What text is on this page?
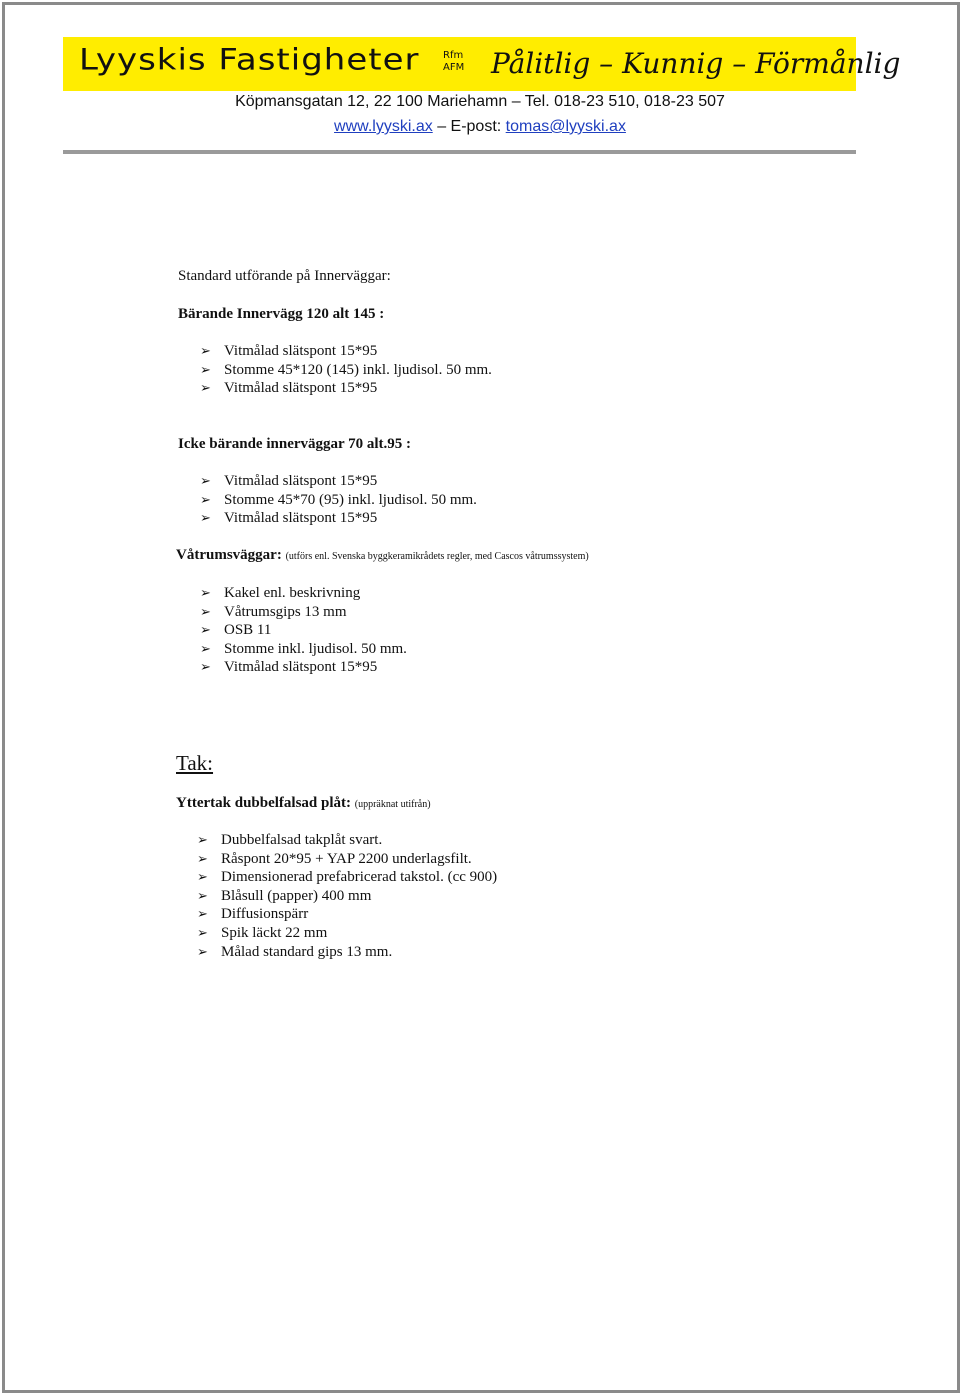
Lyyskis Fastigheter Rfm
AFM Pålitlig – Kunnig – Förmånlig
Köpmansgatan 12, 22 100 Mariehamn – Tel. 018-23 510, 018-23 507
www.lyyski.ax – E-post: tomas@lyyski.ax
Standard utförande på Innerväggar:
Bärande Innervägg 120 alt 145 :
➢ Vitmålad slätspont 15*95
➢ Stomme 45*120 (145) inkl. ljudisol. 50 mm.
➢ Vitmålad slätspont 15*95
Icke bärande innerväggar 70 alt.95 :
➢ Vitmålad slätspont 15*95
➢ Stomme 45*70 (95) inkl. ljudisol. 50 mm.
➢ Vitmålad slätspont 15*95
Våtrumsväggar: (utförs enl. Svenska byggkeramikrådets regler, med Cascos våtrumssystem)
➢ Kakel enl. beskrivning
➢ Våtrumsgips 13 mm
➢ OSB 11
➢ Stomme inkl. ljudisol. 50 mm.
➢ Vitmålad slätspont 15*95
Tak:
Yttertak dubbelfalsad plåt: (uppräknat utifrån)
➢ Dubbelfalsad takplåt svart.
➢ Råspont 20*95 + YAP 2200 underlagsfilt.
➢ Dimensionerad prefabricerad takstol. (cc 900)
➢ Blåsull (papper) 400 mm
➢ Diffusionspärr
➢ Spik läckt 22 mm
➢ Målad standard gips 13 mm.
